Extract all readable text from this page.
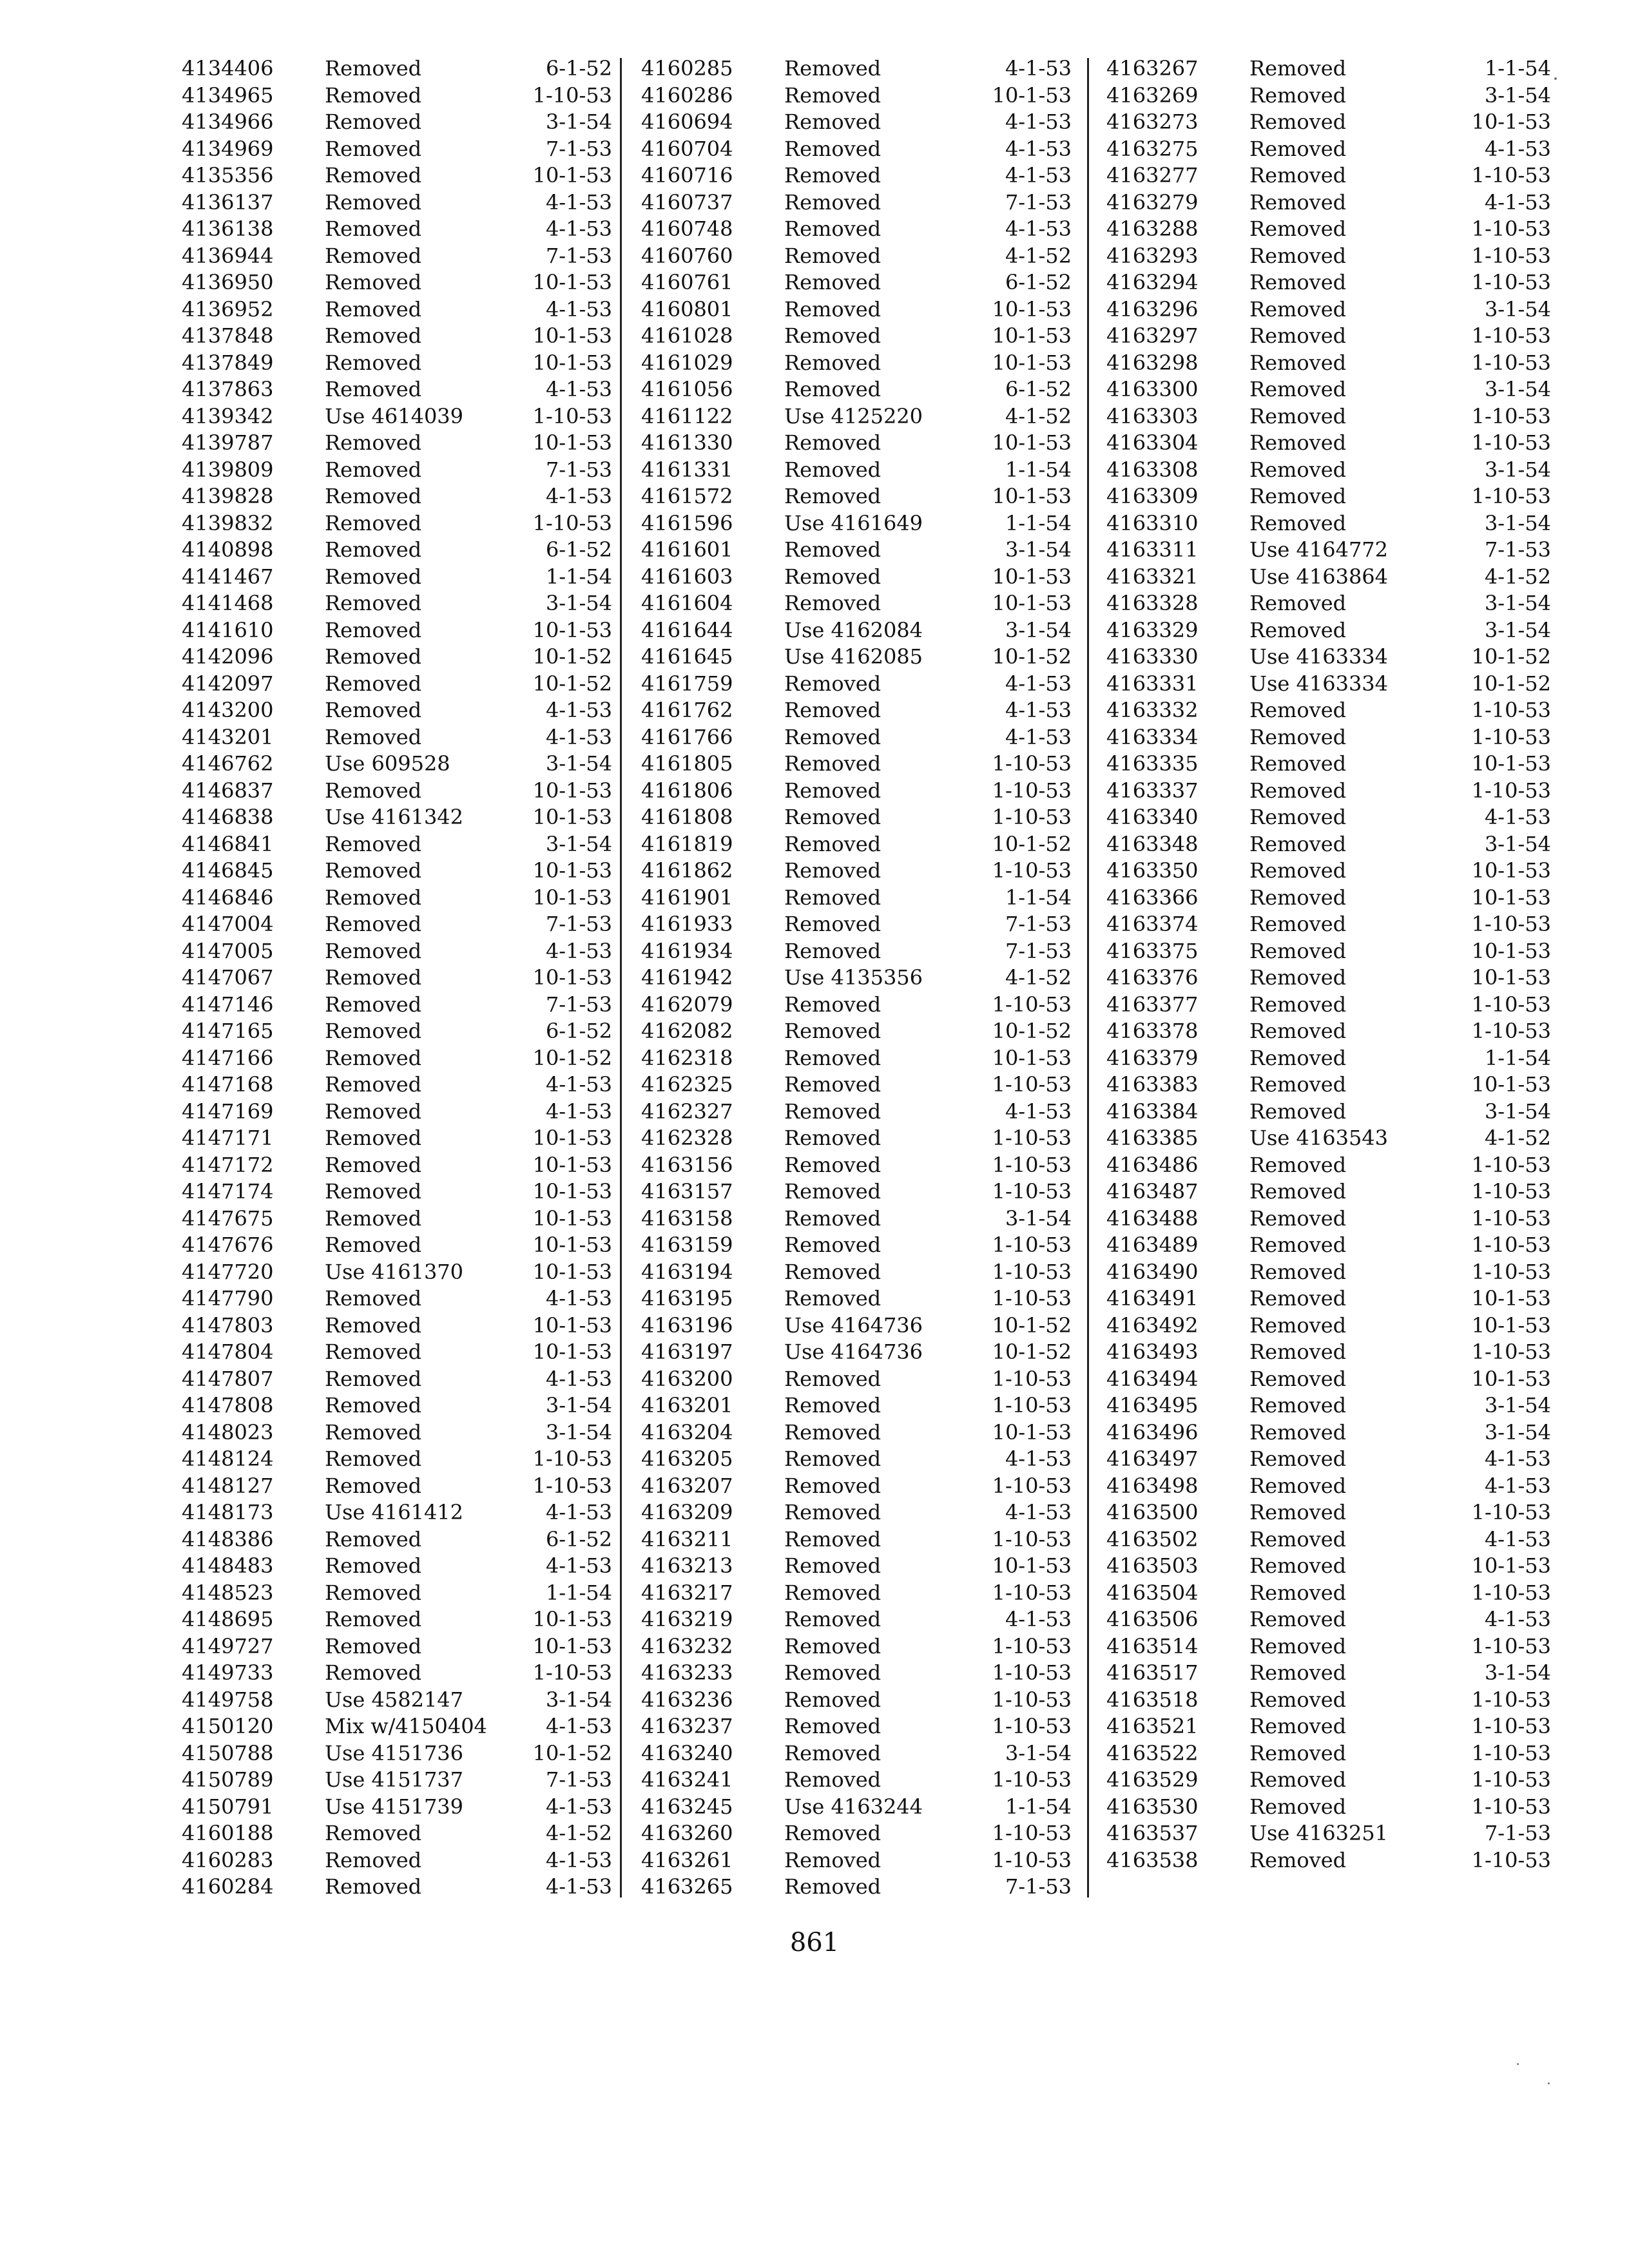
4134406 Removed	6-1-52
4134965 Removed	1-10-53
4134966 Removed	3-1-54
4134969 Removed	7-1-53
4135356 Removed	10-1-53
4136137 Removed	4-1-53
4136138 Removed	4-1-53
4136944 Removed	7-1-53
4136950 Removed	10-1-53
4136952 Removed	4-1-53
4137848 Removed	10-1-53
4137849 Removed	10-1-53
4137863 Removed	4-1-53
4139342 Use 4614039	1-10-53
4139787 Removed	10-1-53
4139809 Removed	7-1-53
4139828 Removed	4-1-53
4139832 Removed	1-10-53
4140898 Removed	6-1-52
4141467 Removed	1-1-54
4141468 Removed	3-1-54
4141610 Removed	10-1-53
4142096 Removed	10-1-52
4142097 Removed	10-1-52
4143200 Removed	4-1-53
4143201 Removed	4-1-53
4146762 Use 609528	3-1-54
4146837 Removed	10-1-53
4146838 Use 4161342	10-1-53
4146841 Removed	3-1-54
4146845 Removed	10-1-53
4146846 Removed	10-1-53
4147004 Removed	7-1-53
4147005 Removed	4-1-53
4147067 Removed	10-1-53
4147146 Removed	7-1-53
4147165 Removed	6-1-52
4147166 Removed	10-1-52
4147168 Removed	4-1-53
4147169 Removed	4-1-53
4147171 Removed	10-1-53
4147172 Removed	10-1-53
4147174 Removed	10-1-53
4147675 Removed	10-1-53
4147676 Removed	10-1-53
4147720 Use 4161370	10-1-53
4147790 Removed	4-1-53
4147803 Removed	10-1-53
4147804 Removed	10-1-53
4147807 Removed	4-1-53
4147808 Removed	3-1-54
4148023 Removed	3-1-54
4148124 Removed	1-10-53
4148127 Removed	1-10-53
4148173 Use 4161412	4-1-53
4148386 Removed	6-1-52
4148483 Removed	4-1-53
4148523 Removed	1-1-54
4148695 Removed	10-1-53
4149727 Removed	10-1-53
4149733 Removed	1-10-53
4149758 Use 4582147	3-1-54
4150120 Mix w/4150404	4-1-53
4150788 Use 4151736	10-1-52
4150789 Use 4151737	7-1-53
4150791 Use 4151739	4-1-53
4160188 Removed	4-1-52
4160283 Removed	4-1-53
4160284 Removed	4-1-53
4160285 Removed	4-1-53
4160286 Removed	10-1-53
4160694 Removed	4-1-53
4160704 Removed	4-1-53
4160716 Removed	4-1-53
4160737 Removed	7-1-53
4160748 Removed	4-1-53
4160760 Removed	4-1-52
4160761 Removed	6-1-52
4160801 Removed	10-1-53
4161028 Removed	10-1-53
4161029 Removed	10-1-53
4161056 Removed	6-1-52
4161122 Use 4125220	4-1-52
4161330 Removed	10-1-53
4161331 Removed	1-1-54
4161572 Removed	10-1-53
4161596 Use 4161649	1-1-54
4161601 Removed	3-1-54
4161603 Removed	10-1-53
4161604 Removed	10-1-53
4161644 Use 4162084	3-1-54
4161645 Use 4162085	10-1-52
4161759 Removed	4-1-53
4161762 Removed	4-1-53
4161766 Removed	4-1-53
4161805 Removed	1-10-53
4161806 Removed	1-10-53
4161808 Removed	1-10-53
4161819 Removed	10-1-52
4161862 Removed	1-10-53
4161901 Removed	1-1-54
4161933 Removed	7-1-53
4161934 Removed	7-1-53
4161942 Use 4135356	4-1-52
4162079 Removed	1-10-53
4162082 Removed	10-1-52
4162318 Removed	10-1-53
4162325 Removed	1-10-53
4162327 Removed	4-1-53
4162328 Removed	1-10-53
4163156 Removed	1-10-53
4163157 Removed	1-10-53
4163158 Removed	3-1-54
4163159 Removed	1-10-53
4163194 Removed	1-10-53
4163195 Removed	1-10-53
4163196 Use 4164736	10-1-52
4163197 Use 4164736	10-1-52
4163200 Removed	1-10-53
4163201 Removed	1-10-53
4163204 Removed	10-1-53
4163205 Removed	4-1-53
4163207 Removed	1-10-53
4163209 Removed	4-1-53
4163211 Removed	1-10-53
4163213 Removed	10-1-53
4163217 Removed	1-10-53
4163219 Removed	4-1-53
4163232 Removed	1-10-53
4163233 Removed	1-10-53
4163236 Removed	1-10-53
4163237 Removed	1-10-53
4163240 Removed	3-1-54
4163241 Removed	1-10-53
4163245 Use 4163244	1-1-54
4163260 Removed	1-10-53
4163261 Removed	1-10-53
4163265 Removed	7-1-53
4163267 Removed	1-1-54
4163269 Removed	3-1-54
4163273 Removed	10-1-53
4163275 Removed	4-1-53
4163277 Removed	1-10-53
4163279 Removed	4-1-53
4163288 Removed	1-10-53
4163293 Removed	1-10-53
4163294 Removed	1-10-53
4163296 Removed	3-1-54
4163297 Removed	1-10-53
4163298 Removed	1-10-53
4163300 Removed	3-1-54
4163303 Removed	1-10-53
4163304 Removed	1-10-53
4163308 Removed	3-1-54
4163309 Removed	1-10-53
4163310 Removed	3-1-54
4163311 Use 4164772	7-1-53
4163321 Use 4163864	4-1-52
4163328 Removed	3-1-54
4163329 Removed	3-1-54
4163330 Use 4163334	10-1-52
4163331 Use 4163334	10-1-52
4163332 Removed	1-10-53
4163334 Removed	1-10-53
4163335 Removed	10-1-53
4163337 Removed	1-10-53
4163340 Removed	4-1-53
4163348 Removed	3-1-54
4163350 Removed	10-1-53
4163366 Removed	10-1-53
4163374 Removed	1-10-53
4163375 Removed	10-1-53
4163376 Removed	10-1-53
4163377 Removed	1-10-53
4163378 Removed	1-10-53
4163379 Removed	1-1-54
4163383 Removed	10-1-53
4163384 Removed	3-1-54
4163385 Use 4163543	4-1-52
4163486 Removed	1-10-53
4163487 Removed	1-10-53
4163488 Removed	1-10-53
4163489 Removed	1-10-53
4163490 Removed	1-10-53
4163491 Removed	10-1-53
4163492 Removed	10-1-53
4163493 Removed	1-10-53
4163494 Removed	10-1-53
4163495 Removed	3-1-54
4163496 Removed	3-1-54
4163497 Removed	4-1-53
4163498 Removed	4-1-53
4163500 Removed	1-10-53
4163502 Removed	4-1-53
4163503 Removed	10-1-53
4163504 Removed	1-10-53
4163506 Removed	4-1-53
4163514 Removed	1-10-53
4163517 Removed	3-1-54
4163518 Removed	1-10-53
4163521 Removed	1-10-53
4163522 Removed	1-10-53
4163529 Removed	1-10-53
4163530 Removed	1-10-53
4163537 Use 4163251	7-1-53
4163538 Removed	1-10-53
861
